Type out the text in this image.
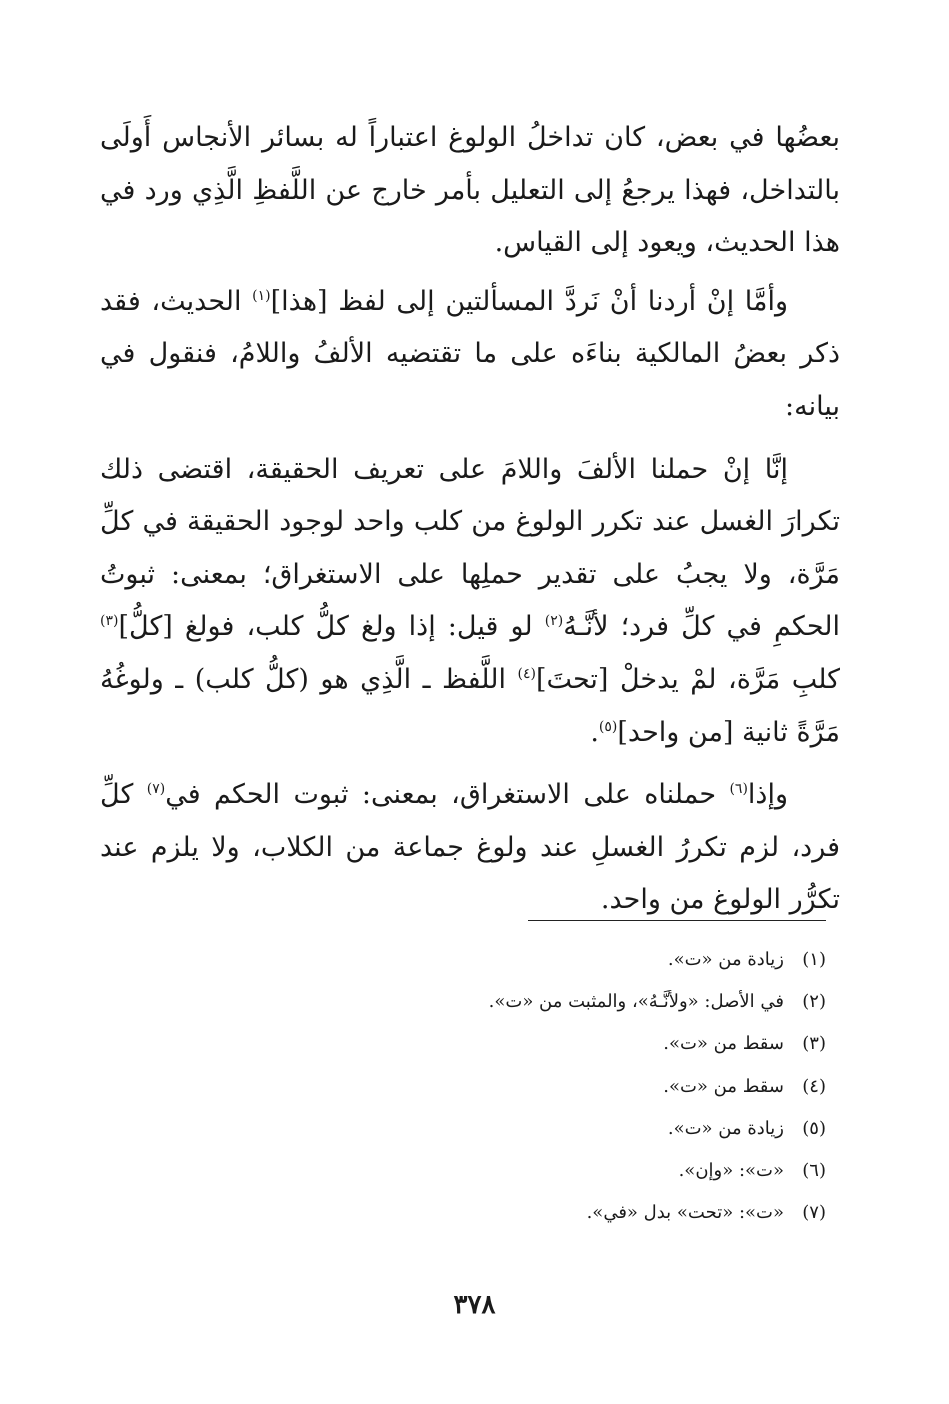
بعضُها في بعض، كان تداخلُ الولوغ اعتباراً له بسائر الأنجاس أَولَى بالتداخل، فهذا يرجعُ إلى التعليل بأمر خارج عن اللَّفظِ الَّذِي ورد في هذا الحديث، ويعود إلى القياس.

وأمَّا إنْ أردنا أنْ نَردَّ المسألتين إلى لفظ [هذا]$^{(١)}$ الحديث، فقد ذكر بعضُ المالكية بناءَه على ما تقتضيه الألفُ واللامُ، فنقول في بيانه:

إنَّا إنْ حملنا الألفَ واللامَ على تعريف الحقيقة، اقتضى ذلك تكرارَ الغسل عند تكرر الولوغ من كلب واحد لوجود الحقيقة في كلِّ مَرَّة، ولا يجبُ على تقدير حملِها على الاستغراق؛ بمعنى: ثبوتُ الحكمِ في كلِّ فرد؛ لأنَّـهُ$^{(٢)}$ لو قيل: إذا ولغ كلُّ كلب، فولغ [كلُّ]$^{(٣)}$ كلبِ مَرَّة، لمْ يدخلْ [تحتَ]$^{(٤)}$ اللَّفظ ـ الَّذِي هو (كلُّ كلب) ـ ولوغُهُ مَرَّةً ثانية [من واحد]$^{(٥)}$.

وإذا$^{(٦)}$ حملناه على الاستغراق، بمعنى: ثبوت الحكم في$^{(٧)}$ كلِّ فرد، لزم تكررُ الغسلِ عند ولوغ جماعة من الكلاب، ولا يلزم عند تكرُّر الولوغ من واحد.

(١)زيادة من «ت».
(٢)في الأصل: «ولأنَّـهُ»، والمثبت من «ت».
(٣)سقط من «ت».
(٤)سقط من «ت».
(٥)زيادة من «ت».
(٦)«ت»: «وإن».
(٧)«ت»: «تحت» بدل «في».
٣٧٨
